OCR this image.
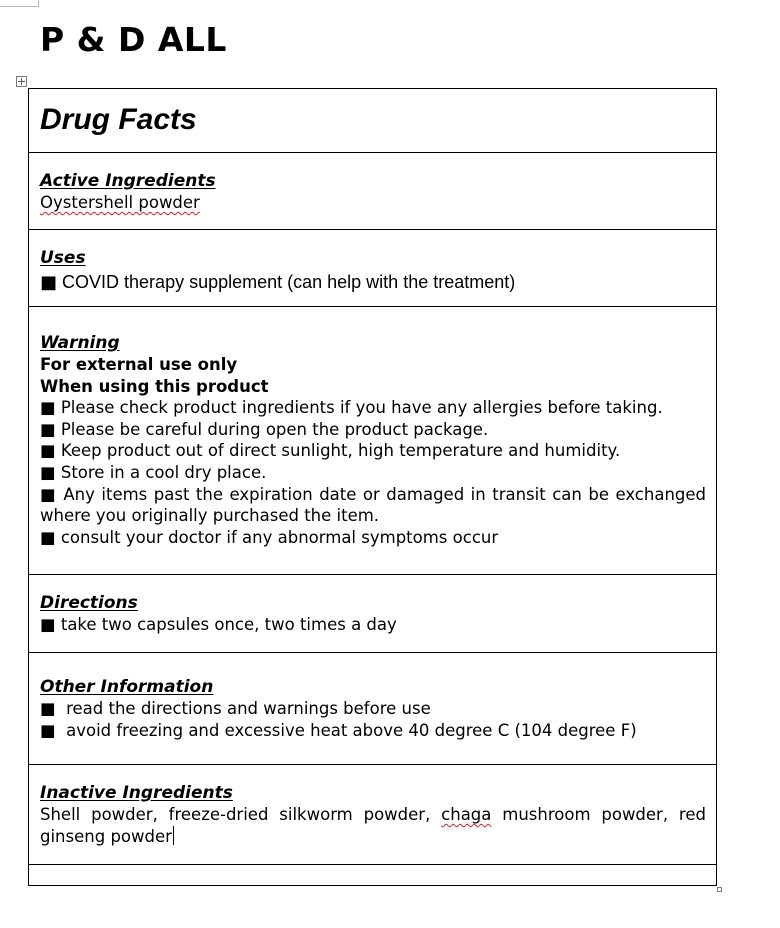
P & D ALL
Drug Facts
Active Ingredients
Oystershell powder
Uses
■ COVID therapy supplement (can help with the treatment)
Warning
For external use only
When using this product
■ Please check product ingredients if you have any allergies before taking.
■ Please be careful during open the product package.
■ Keep product out of direct sunlight, high temperature and humidity.
■ Store in a cool dry place.
■ Any items past the expiration date or damaged in transit can be exchanged where you originally purchased the item.
■ consult your doctor if any abnormal symptoms occur
Directions
■ take two capsules once, two times a day
Other Information
■ read the directions and warnings before use
■ avoid freezing and excessive heat above 40 degree C (104 degree F)
Inactive Ingredients
Shell powder, freeze-dried silkworm powder, chaga mushroom powder, red ginseng powder
